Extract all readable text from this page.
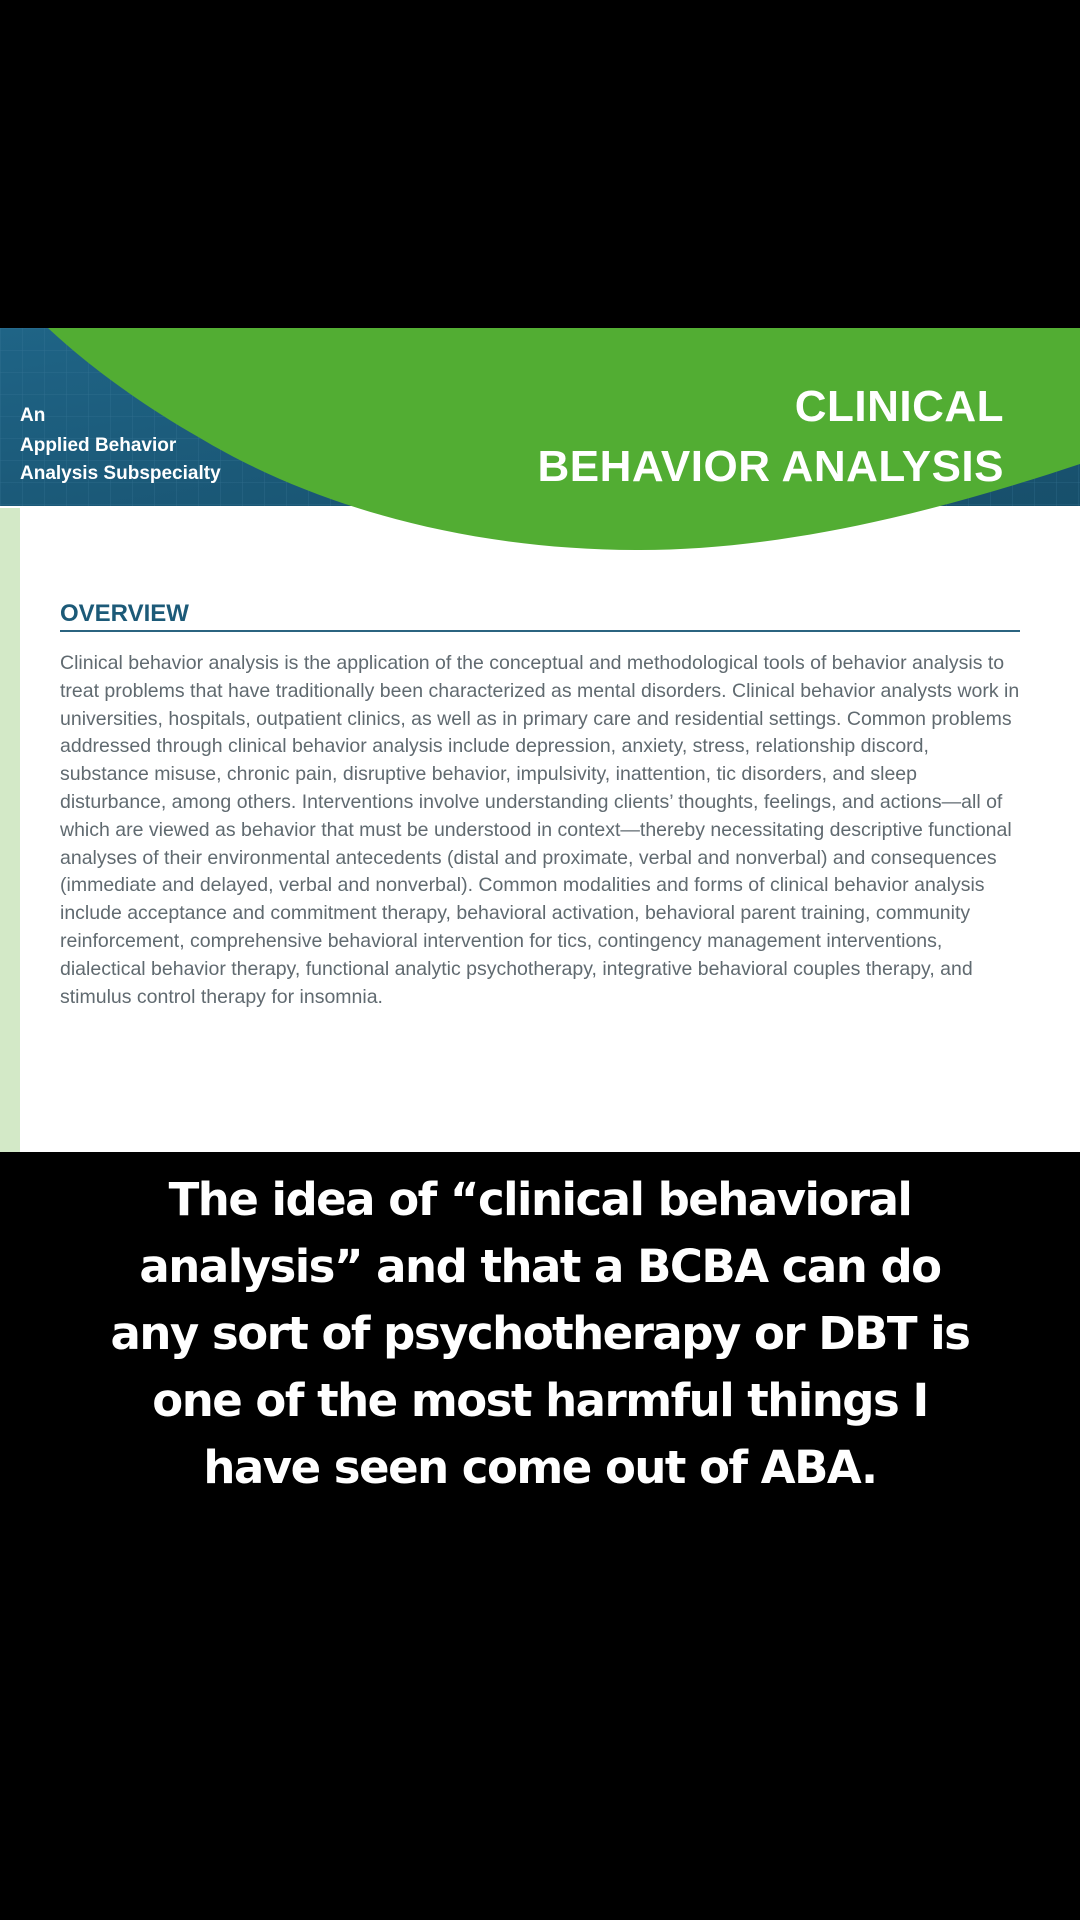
An

Applied Behavior

Analysis Subspecialty

CLINICAL
BEHAVIOR ANALYSIS
OVERVIEW

Clinical behavior analysis is the application of the conceptual and methodological tools of behavior analysis to treat problems that have traditionally been characterized as mental disorders. Clinical behavior analysts work in universities, hospitals, outpatient clinics, as well as in primary care and residential settings. Common problems addressed through clinical behavior analysis include depression, anxiety, stress, relationship discord, substance misuse, chronic pain, disruptive behavior, impulsivity, inattention, tic disorders, and sleep disturbance, among others. Interventions involve understanding clients’ thoughts, feelings, and actions—all of which are viewed as behavior that must be understood in context—thereby necessitating descriptive functional analyses of their environmental antecedents (distal and proximate, verbal and nonverbal) and consequences (immediate and delayed, verbal and nonverbal). Common modalities and forms of clinical behavior analysis include acceptance and commitment therapy, behavioral activation, behavioral parent training, community reinforcement, comprehensive behavioral intervention for tics, contingency management interventions, dialectical behavior therapy, functional analytic psychotherapy, integrative behavioral couples therapy, and stimulus control therapy for insomnia.

The idea of “clinical behavioral analysis” and that a BCBA can do any sort of psychotherapy or DBT is one of the most harmful things I have seen come out of ABA.
